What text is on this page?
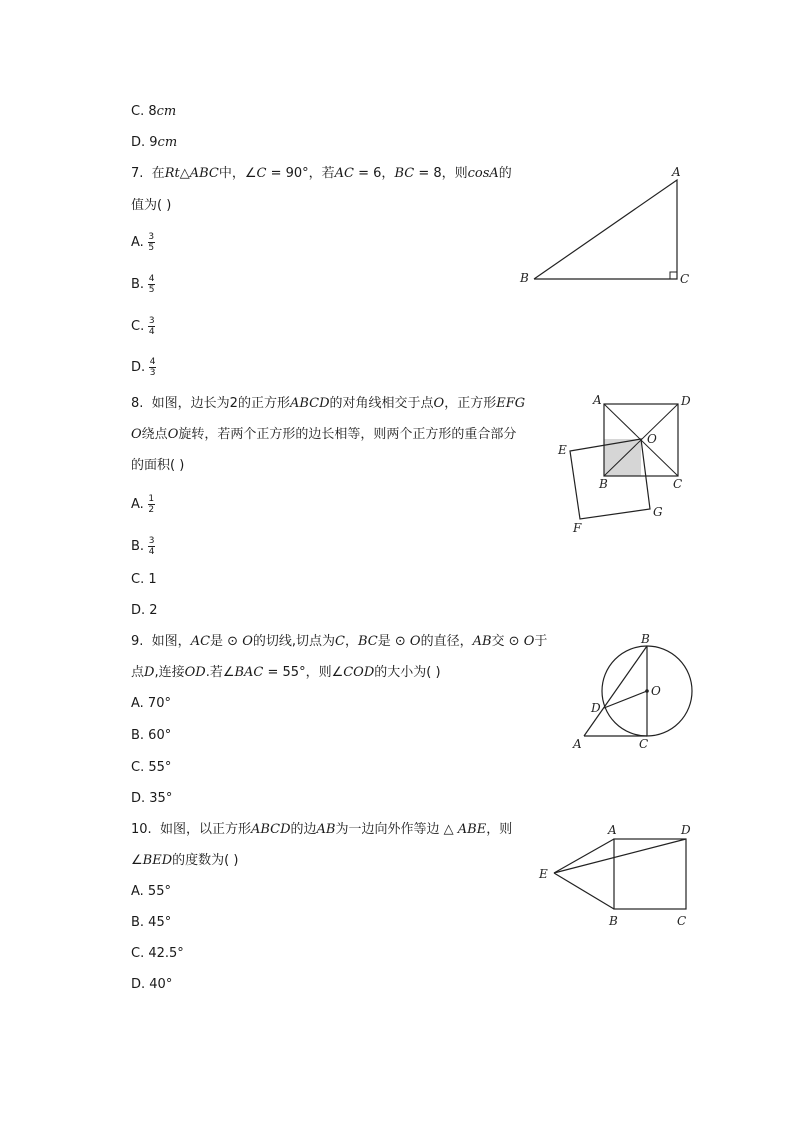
C. 8cm
D. 9cm
7. 在Rt△ABC中，∠C = 90°，若AC = 6，BC = 8，则cosA的
值为( )
A. $\frac{3}{5}$
B. $\frac{4}{5}$
C. $\frac{3}{4}$
D. $\frac{4}{3}$
A
B	C
8. 如图，边长为2的正方形ABCD的对角线相交于点O，正方形EFG
O绕点O旋转，若两个正方形的边长相等，则两个正方形的重合部分
的面积( )
A. $\frac{1}{2}$
B. $\frac{3}{4}$
C. 1
D. 2
A	D
O
E
B	C
G
F
9. 如图，AC是 ⊙ O的切线,切点为C，BC是 ⊙ O的直径，AB交 ⊙ O于
点D,连接OD.若∠BAC = 55°，则∠COD的大小为( )
A. 70°
B. 60°
C. 55°
D. 35°
B
O
D
A	C
10. 如图，以正方形ABCD的边AB为一边向外作等边 △ ABE，则
∠BED的度数为( )
A. 55°
B. 45°
C. 42.5°
D. 40°
A	D
E
B	C
